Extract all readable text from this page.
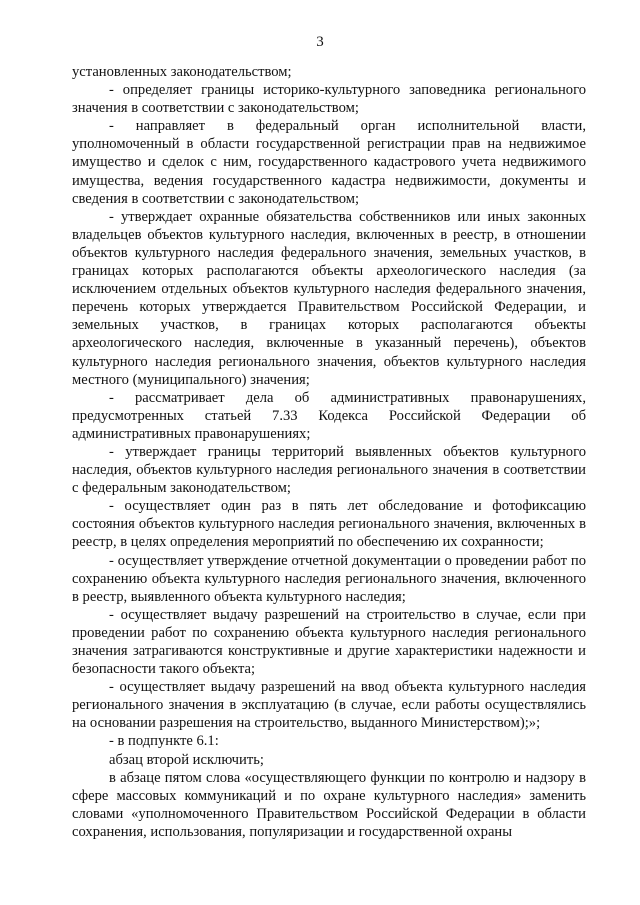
3

установленных законодательством;

- определяет границы историко-культурного заповедника регионального значения в соответствии с законодательством;

- направляет в федеральный орган исполнительной власти, уполномоченный в области государственной регистрации прав на недвижимое имущество и сделок с ним, государственного кадастрового учета недвижимого имущества, ведения государственного кадастра недвижимости, документы и сведения в соответствии с законодательством;

- утверждает охранные обязательства собственников или иных законных владельцев объектов культурного наследия, включенных в реестр, в отношении объектов культурного наследия федерального значения, земельных участков, в границах которых располагаются объекты археологического наследия (за исключением отдельных объектов культурного наследия федерального значения, перечень которых утверждается Правительством Российской Федерации, и земельных участков, в границах которых располагаются объекты археологического наследия, включенные в указанный перечень), объектов культурного наследия регионального значения, объектов культурного наследия местного (муниципального) значения;

- рассматривает дела об административных правонарушениях, предусмотренных статьей 7.33 Кодекса Российской Федерации об административных правонарушениях;

- утверждает границы территорий выявленных объектов культурного наследия, объектов культурного наследия регионального значения в соответствии с федеральным законодательством;

- осуществляет один раз в пять лет обследование и фотофиксацию состояния объектов культурного наследия регионального значения, включенных в реестр, в целях определения мероприятий по обеспечению их сохранности;

- осуществляет утверждение отчетной документации о проведении работ по сохранению объекта культурного наследия регионального значения, включенного в реестр, выявленного объекта культурного наследия;

- осуществляет выдачу разрешений на строительство в случае, если при проведении работ по сохранению объекта культурного наследия регионального значения затрагиваются конструктивные и другие характеристики надежности и безопасности такого объекта;

- осуществляет выдачу разрешений на ввод объекта культурного наследия регионального значения в эксплуатацию (в случае, если работы осуществлялись на основании разрешения на строительство, выданного Министерством);»;

- в подпункте 6.1:

абзац второй исключить;

в абзаце пятом слова «осуществляющего функции по контролю и надзору в сфере массовых коммуникаций и по охране культурного наследия» заменить словами «уполномоченного Правительством Российской Федерации в области сохранения, использования, популяризации и государственной охраны
